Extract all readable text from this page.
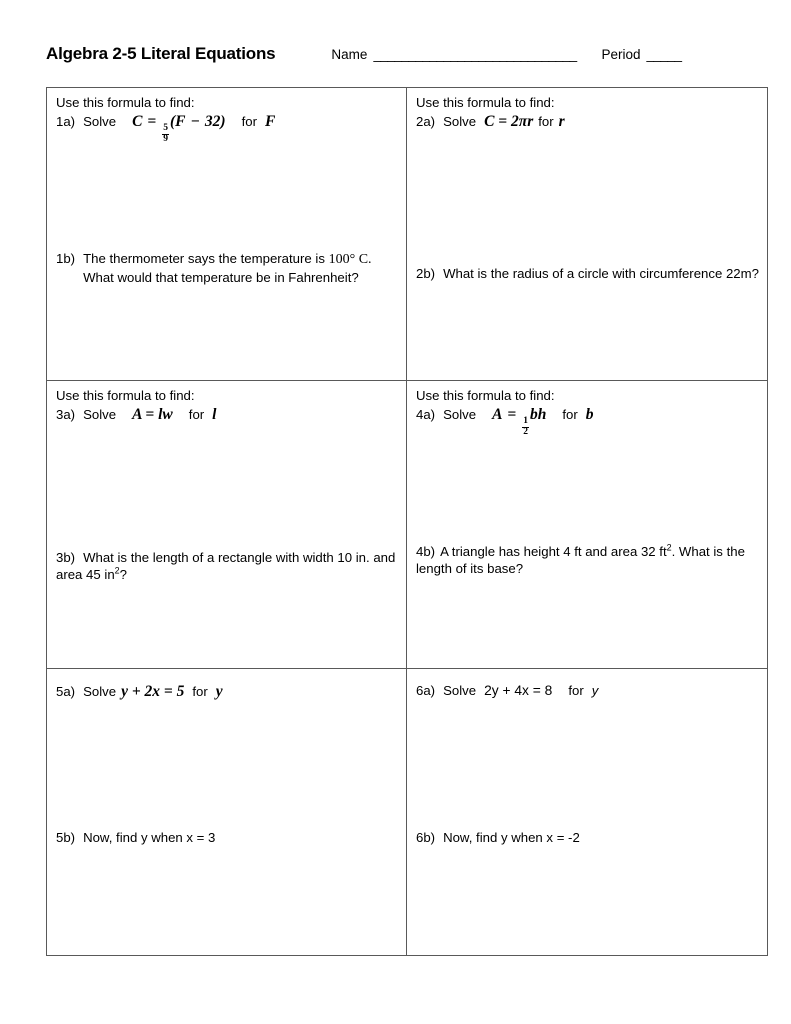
Algebra 2-5 Literal Equations	Name _____________________________	Period _____
Use this formula to find:
1a) Solve C =
$\frac{5}{9}$
(F − 32) for F
1b) The thermometer says the temperature is 100° C.
What would that temperature be in Fahrenheit?

Use this formula to find:
2a) Solve C = 2πr for r
2b) What is the radius of a circle with circumference 22m?

Use this formula to find:
3a) Solve A = lw for l
3b) What is the length of a rectangle with width 10 in. and area 45 $in^2$?

Use this formula to find:
4a) Solve A =
$\frac{1}{2}$
bh for b
4b) A triangle has height 4 ft and area 32 $ft^2$. What is the length of its base?

5a) Solve y + 2x = 5 for y
5b) Now, find y when x = 3

6a) Solve 2y + 4x = 8 for y
6b) Now, find y when x = -2
